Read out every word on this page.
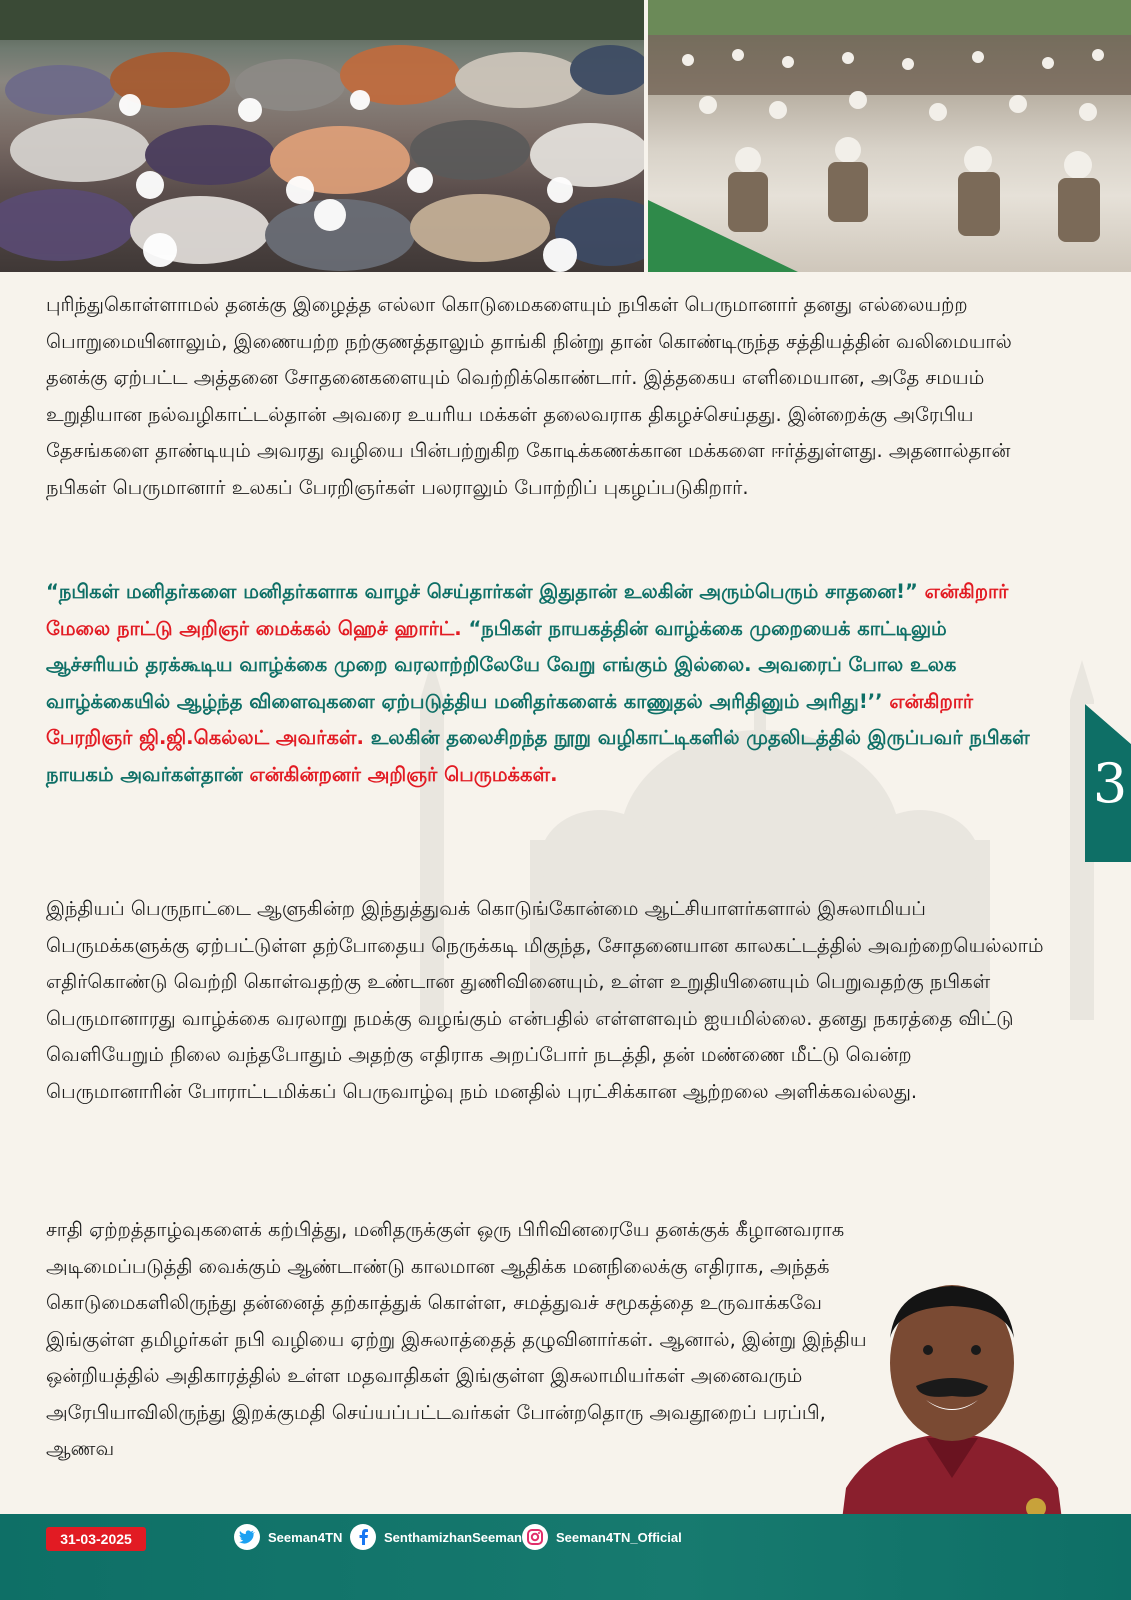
புரிந்துகொள்ளாமல் தனக்கு இழைத்த எல்லா கொடுமைகளையும் நபிகள் பெருமானார் தனது எல்லையற்ற பொறுமையினாலும், இணையற்ற நற்குணத்தாலும் தாங்கி நின்று தான் கொண்டிருந்த சத்தியத்தின் வலிமையால் தனக்கு ஏற்பட்ட அத்தனை சோதனைகளையும் வெற்றிக்கொண்டார். இத்தகைய எளிமையான, அதே சமயம் உறுதியான நல்வழிகாட்டல்தான் அவரை உயரிய மக்கள் தலைவராக திகழச்செய்தது. இன்றைக்கு அரேபிய தேசங்களை தாண்டியும் அவரது வழியை பின்பற்றுகிற கோடிக்கணக்கான மக்களை ஈர்த்துள்ளது. அதனால்தான் நபிகள் பெருமானார் உலகப் பேரறிஞர்கள் பலராலும் போற்றிப் புகழப்படுகிறார்.

“நபிகள் மனிதர்களை மனிதர்களாக வாழச் செய்தார்கள் இதுதான் உலகின் அரும்பெரும் சாதனை!” என்கிறார் மேலை நாட்டு அறிஞர் மைக்கல் ஹெச் ஹார்ட். “நபிகள் நாயகத்தின் வாழ்க்கை முறையைக் காட்டிலும் ஆச்சரியம் தரக்கூடிய வாழ்க்கை முறை வரலாற்றிலேயே வேறு எங்கும் இல்லை. அவரைப் போல உலக வாழ்க்கையில் ஆழ்ந்த விளைவுகளை ஏற்படுத்திய மனிதர்களைக் காணுதல் அரிதினும் அரிது!’’ என்கிறார் பேரறிஞர் ஜி.ஜி.கெல்லட் அவர்கள். உலகின் தலைசிறந்த நூறு வழிகாட்டிகளில் முதலிடத்தில் இருப்பவர் நபிகள் நாயகம் அவர்கள்தான் என்கின்றனர் அறிஞர் பெருமக்கள்.

இந்தியப் பெருநாட்டை ஆளுகின்ற இந்துத்துவக் கொடுங்கோன்மை ஆட்சியாளர்களால் இசுலாமியப் பெருமக்களுக்கு ஏற்பட்டுள்ள தற்போதைய நெருக்கடி மிகுந்த, சோதனையான காலகட்டத்தில் அவற்றையெல்லாம் எதிர்கொண்டு வெற்றி கொள்வதற்கு உண்டான துணிவினையும், உள்ள உறுதியினையும் பெறுவதற்கு நபிகள் பெருமானாரது வாழ்க்கை வரலாறு நமக்கு வழங்கும் என்பதில் எள்ளளவும் ஐயமில்லை. தனது நகரத்தை விட்டு வெளியேறும் நிலை வந்தபோதும் அதற்கு எதிராக அறப்போர் நடத்தி, தன் மண்ணை மீட்டு வென்ற பெருமானாரின் போராட்டமிக்கப் பெருவாழ்வு நம் மனதில் புரட்சிக்கான ஆற்றலை அளிக்கவல்லது.

சாதி ஏற்றத்தாழ்வுகளைக் கற்பித்து, மனிதருக்குள் ஒரு பிரிவினரையே தனக்குக் கீழானவராக அடிமைப்படுத்தி வைக்கும் ஆண்டாண்டு காலமான ஆதிக்க மனநிலைக்கு எதிராக, அந்தக் கொடுமைகளிலிருந்து தன்னைத் தற்காத்துக் கொள்ள, சமத்துவச் சமூகத்தை உருவாக்கவே இங்குள்ள தமிழர்கள் நபி வழியை ஏற்று இசுலாத்தைத் தழுவினார்கள். ஆனால், இன்று இந்திய ஒன்றியத்தில் அதிகாரத்தில் உள்ள மதவாதிகள் இங்குள்ள இசுலாமியர்கள் அனைவரும் அரேபியாவிலிருந்து இறக்குமதி செய்யப்பட்டவர்கள் போன்றதொரு அவதூறைப் பரப்பி, ஆணவ

3
31-03-2025	Seeman4TN	SenthamizhanSeeman	Seeman4TN_Official
